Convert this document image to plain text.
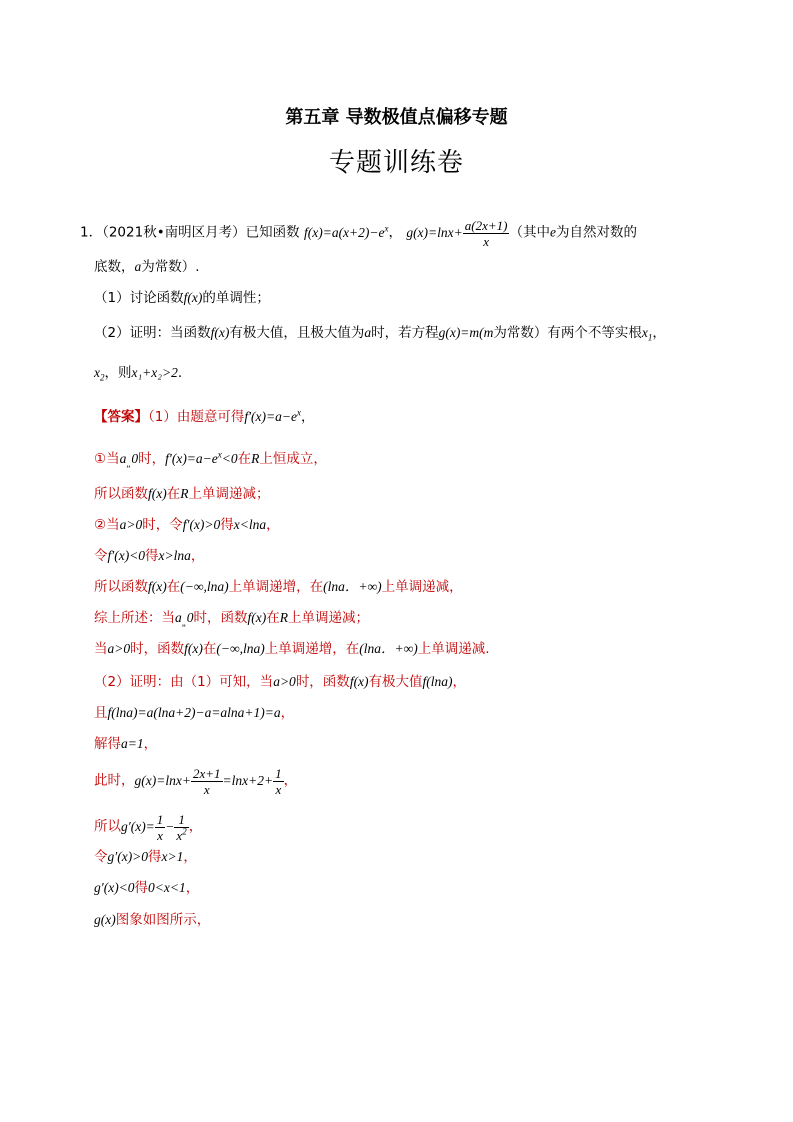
第五章 导数极值点偏移专题
专题训练卷
1．（2021秋•南明区月考）已知函数 $f(x)=a(x+2)-e^x$， $g(x)=\ln x+ \frac{a(2x+1)}{x}$ （其中e为自然对数的
底数，a为常数）.
（1）讨论函数f(x)的单调性；
（2）证明：当函数f(x)有极大值，且极大值为a时，若方程g(x)=m(m为常数）有两个不等实根$x_1$，
$x_2$，则x₁+x₂>2.
【答案】（1）由题意可得$f'(x)=a-e^x$，
①当$a_„0$时，$f'(x)=a-e^x<0$在R上恒成立，
所以函数f(x)在R上单调递减；
②当a>0时，令f′(x)>0得x<lna，
令f′(x)<0得x>lna，
所以函数f(x)在(−∞,lna)上单调递增，在(lna．+∞)上单调递减，
综上所述：当$a_„0$时，函数f(x)在R上单调递减；
当a>0时，函数f(x)在(−∞,lna)上单调递增，在(lna．+∞)上单调递减.
（2）证明：由（1）可知，当a>0时，函数f(x)有极大值f(lna)，
且f(lna)=a(lna+2)−a=alna+1)=a，
解得a=1，
此时，$g(x)=\ln x+ \frac{2x+1}{x} =\ln x+2+ \frac{1}{x}$ ，
所以$g'(x)= \frac{1}{x} - \frac{1}{x^2}$ ，
令g′(x)>0得x>1，
g′(x)<0得0<x<1，
g(x)图象如图所示，
